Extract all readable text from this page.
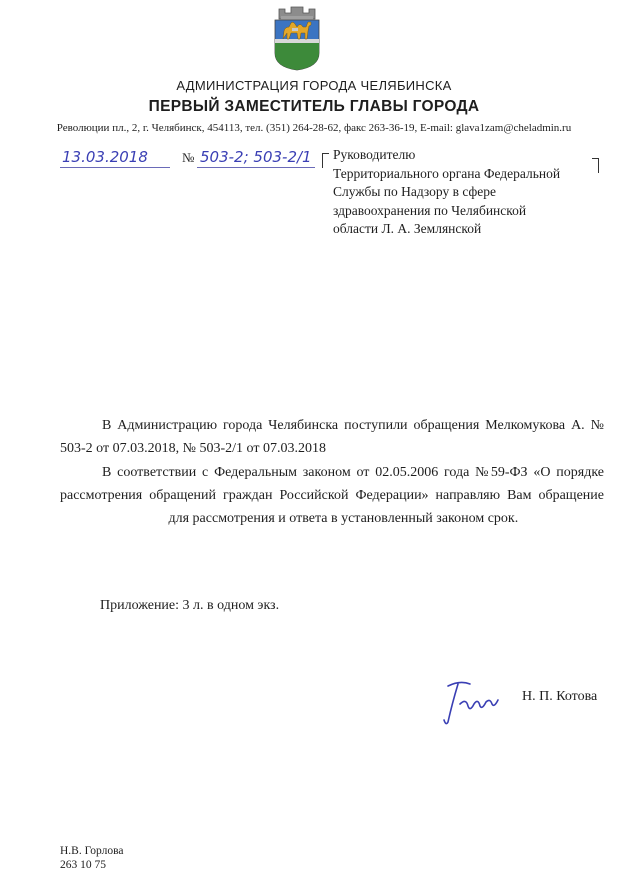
АДМИНИСТРАЦИЯ ГОРОДА ЧЕЛЯБИНСКА
ПЕРВЫЙ ЗАМЕСТИТЕЛЬ ГЛАВЫ ГОРОДА
Революции пл., 2, г. Челябинск, 454113, тел. (351) 264-28-62, факс 263-36-19, E-mail: glava1zam@cheladmin.ru
13.03.2018	№ 503-2; 503-2/1 Руководителю
Территориального органа Федеральной
Службы по Надзору в сфере
здравоохранения по Челябинской
области Л. А. Землянской
В Администрацию города Челябинска поступили обращения Мелкомукова А. № 503-2 от 07.03.2018, № 503-2/1 от 07.03.2018
В соответствии с Федеральным законом от 02.05.2006 года №59-ФЗ «О порядке рассмотрения обращений граждан Российской Федерации» направляю Вам обращение  для рассмотрения и ответа в установленный законом срок.
Приложение: 3 л. в одном экз.
Н. П. Котова
Н.В. Горлова
263 10 75
